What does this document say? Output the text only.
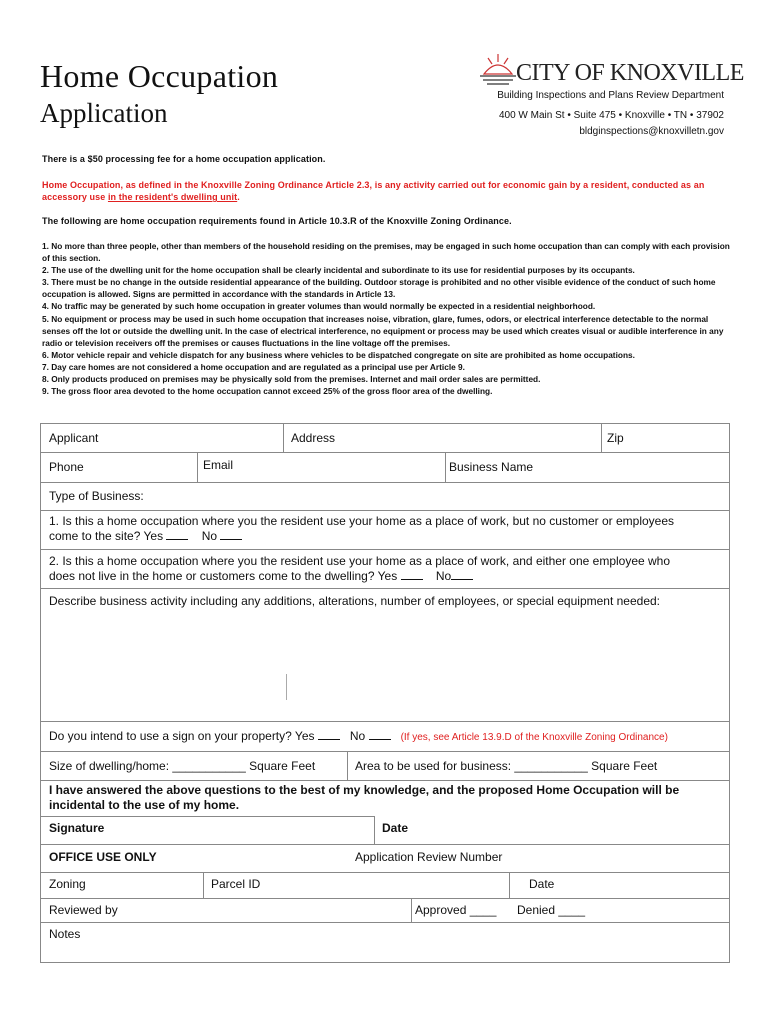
Home Occupation
Application
CITY OF KNOXVILLE
Building Inspections and Plans Review Department
400 W Main St • Suite 475 • Knoxville • TN • 37902
bldginspections@knoxvilletn.gov

There is a $50 processing fee for a home occupation application.

Home Occupation, as defined in the Knoxville Zoning Ordinance Article 2.3, is any activity carried out for economic gain by a resident, conducted as an accessory use in the resident's dwelling unit.

The following are home occupation requirements found in Article 10.3.R of the Knoxville Zoning Ordinance.

1. No more than three people, other than members of the household residing on the premises, may be engaged in such home occupation than can comply with each provision of this section.
2. The use of the dwelling unit for the home occupation shall be clearly incidental and subordinate to its use for residential purposes by its occupants.
3. There must be no change in the outside residential appearance of the building. Outdoor storage is prohibited and no other visible evidence of the conduct of such home occupation is allowed. Signs are permitted in accordance with the standards in Article 13.
4. No traffic may be generated by such home occupation in greater volumes than would normally be expected in a residential neighborhood.
5. No equipment or process may be used in such home occupation that increases noise, vibration, glare, fumes, odors, or electrical interference detectable to the normal senses off the lot or outside the dwelling unit. In the case of electrical interference, no equipment or process may be used which creates visual or audible interference in any radio or television receivers off the premises or causes fluctuations in the line voltage off the premises.
6. Motor vehicle repair and vehicle dispatch for any business where vehicles to be dispatched congregate on site are prohibited as home occupations.
7. Day care homes are not considered a home occupation and are regulated as a principal use per Article 9.
8. Only products produced on premises may be physically sold from the premises. Internet and mail order sales are permitted.
9. The gross floor area devoted to the home occupation cannot exceed 25% of the gross floor area of the dwelling.
Applicant	Address	Zip
Phone	Email	Business Name
Type of Business:
1. Is this a home occupation where you the resident use your home as a place of work, but no customer or employees
come to the site? Yes	No
2. Is this a home occupation where you the resident use your home as a place of work, and either one employee who
does not live in the home or customers come to the dwelling? Yes	No
Describe business activity including any additions, alterations, number of employees, or special equipment needed:
Do you intend to use a sign on your property? Yes	No	(If yes, see Article 13.9.D of the Knoxville Zoning Ordinance)
Size of dwelling/home: ___________ Square Feet	Area to be used for business: ___________ Square Feet
I have answered the above questions to the best of my knowledge, and the proposed Home Occupation will be
incidental to the use of my home.
Signature	Date
OFFICE USE ONLY	Application Review Number
Zoning	Parcel ID	Date
Reviewed by	Approved ____ Denied ____
Notes
